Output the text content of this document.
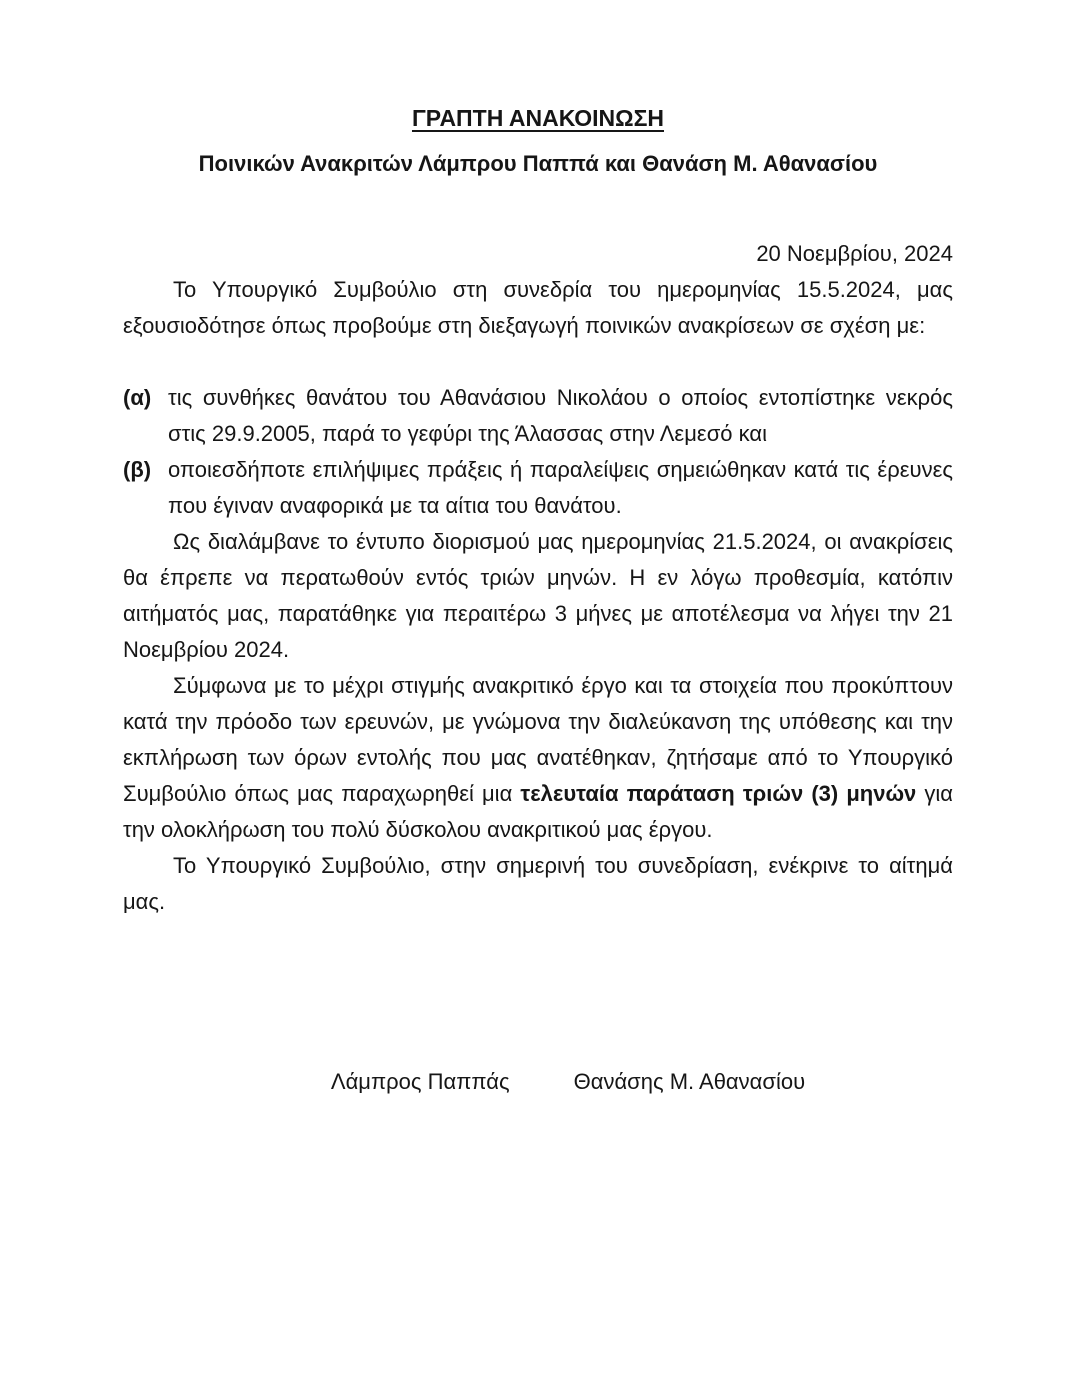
ΓΡΑΠΤΗ ΑΝΑΚΟΙΝΩΣΗ
Ποινικών Ανακριτών Λάμπρου Παππά και Θανάση Μ. Αθανασίου
20 Νοεμβρίου, 2024

Το Υπουργικό Συμβούλιο στη συνεδρία του ημερομηνίας 15.5.2024, μας εξουσιοδότησε όπως προβούμε στη διεξαγωγή ποινικών ανακρίσεων σε σχέση με:

(α) τις συνθήκες θανάτου του Αθανάσιου Νικολάου ο οποίος εντοπίστηκε νεκρός στις 29.9.2005, παρά το γεφύρι της Άλασσας στην Λεμεσό και
(β) οποιεσδήποτε επιλήψιμες πράξεις ή παραλείψεις σημειώθηκαν κατά τις έρευνες που έγιναν αναφορικά με τα αίτια του θανάτου.

Ως διαλάμβανε το έντυπο διορισμού μας ημερομηνίας 21.5.2024, οι ανακρίσεις θα έπρεπε να περατωθούν εντός τριών μηνών. Η εν λόγω προθεσμία, κατόπιν αιτήματός μας, παρατάθηκε για περαιτέρω 3 μήνες με αποτέλεσμα να λήγει την 21 Νοεμβρίου 2024.

Σύμφωνα με το μέχρι στιγμής ανακριτικό έργο και τα στοιχεία που προκύπτουν κατά την πρόοδο των ερευνών, με γνώμονα την διαλεύκανση της υπόθεσης και την εκπλήρωση των όρων εντολής που μας ανατέθηκαν, ζητήσαμε από το Υπουργικό Συμβούλιο όπως μας παραχωρηθεί μια τελευταία παράταση τριών (3) μηνών για την ολοκλήρωση του πολύ δύσκολου ανακριτικού μας έργου.

Το Υπουργικό Συμβούλιο, στην σημερινή του συνεδρίαση, ενέκρινε το αίτημά μας.

Λάμπρος Παππάς	Θανάσης Μ. Αθανασίου
